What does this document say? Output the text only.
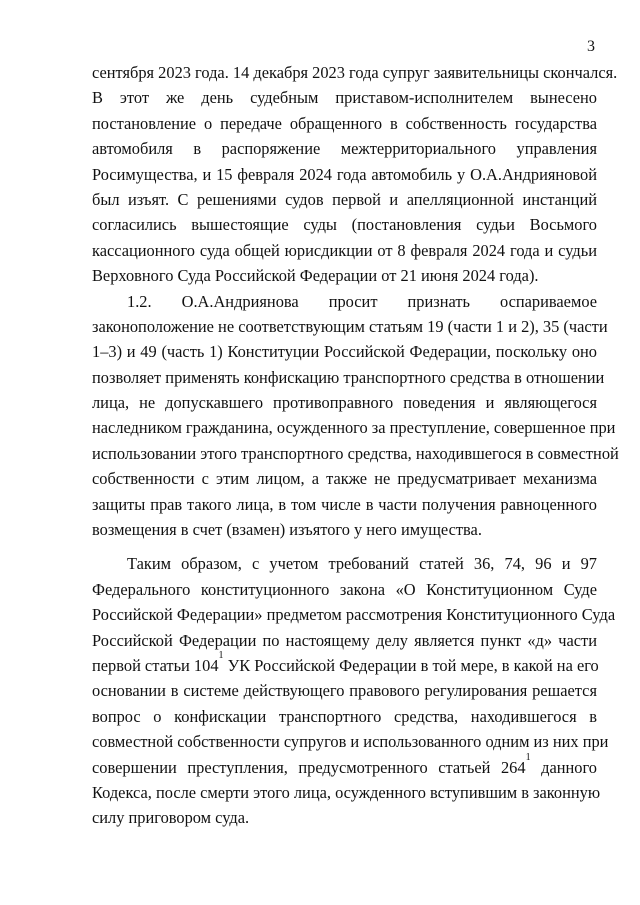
3
сентября 2023 года. 14 декабря 2023 года супруг заявительницы скончался.
В этот же день судебным приставом-исполнителем вынесено
постановление о передаче обращенного в собственность государства
автомобиля в распоряжение межтерриториального управления
Росимущества, и 15 февраля 2024 года автомобиль у О.А.Андрияновой
был изъят. С решениями судов первой и апелляционной инстанций
согласились вышестоящие суды (постановления судьи Восьмого
кассационного суда общей юрисдикции от 8 февраля 2024 года и судьи
Верховного Суда Российской Федерации от 21 июня 2024 года).
1.2. О.А.Андриянова просит признать оспариваемое
законоположение не соответствующим статьям 19 (части 1 и 2), 35 (части
1–3) и 49 (часть 1) Конституции Российской Федерации, поскольку оно
позволяет применять конфискацию транспортного средства в отношении
лица, не допускавшего противоправного поведения и являющегося
наследником гражданина, осужденного за преступление, совершенное при
использовании этого транспортного средства, находившегося в совместной
собственности с этим лицом, а также не предусматривает механизма
защиты прав такого лица, в том числе в части получения равноценного
возмещения в счет (взамен) изъятого у него имущества.
Таким образом, с учетом требований статей 36, 74, 96 и 97
Федерального конституционного закона «О Конституционном Суде
Российской Федерации» предметом рассмотрения Конституционного Суда
Российской Федерации по настоящему делу является пункт «д» части
первой статьи $104^1$ УК Российской Федерации в той мере, в какой на его
основании в системе действующего правового регулирования решается
вопрос о конфискации транспортного средства, находившегося в
совместной собственности супругов и использованного одним из них при
совершении преступления, предусмотренного статьей $264^1$ данного
Кодекса, после смерти этого лица, осужденного вступившим в законную
силу приговором суда.
